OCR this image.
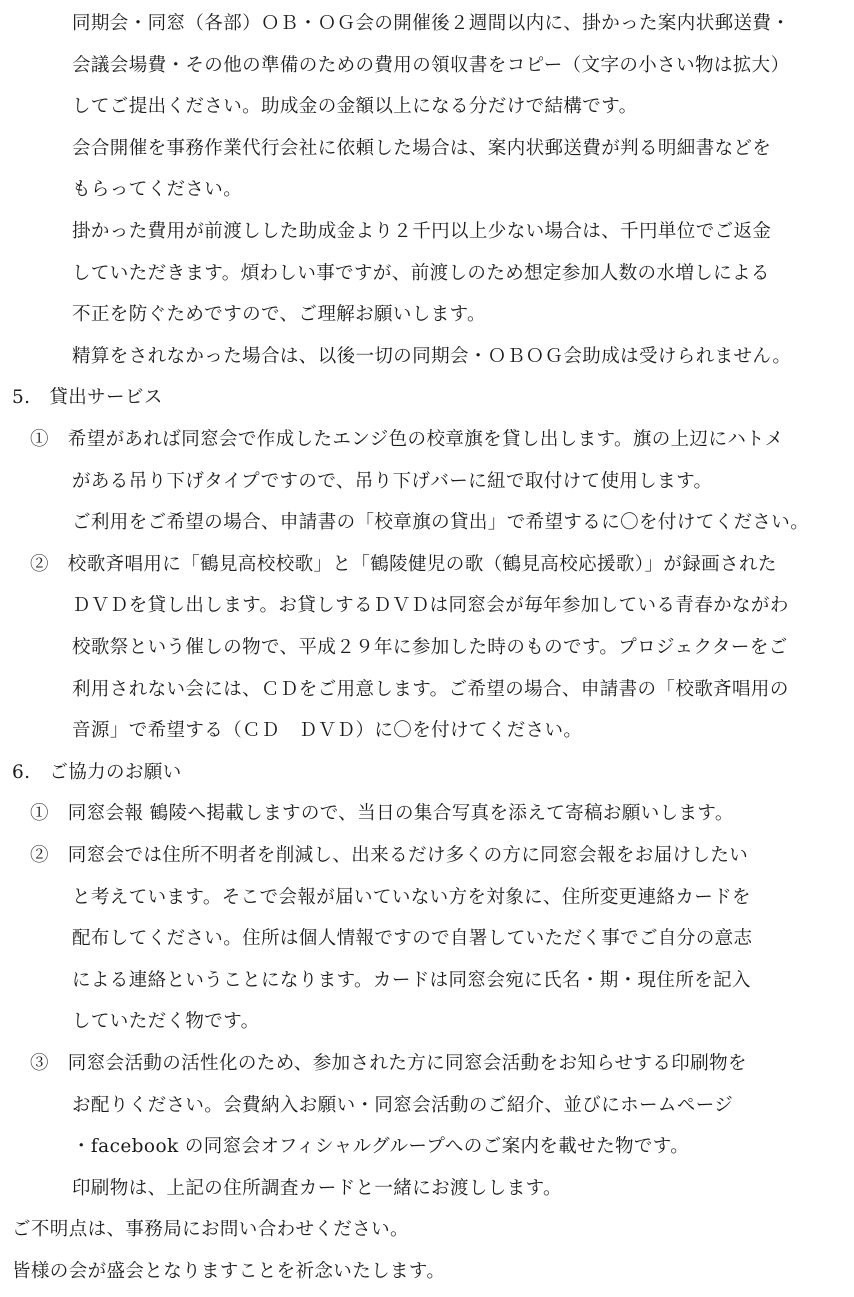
同期会・同窓（各部）ＯＢ・ＯＧ会の開催後２週間以内に、掛かった案内状郵送費・
会議会場費・その他の準備のための費用の領収書をコピー（文字の小さい物は拡大）
してご提出ください。助成金の金額以上になる分だけで結構です。
会合開催を事務作業代行会社に依頼した場合は、案内状郵送費が判る明細書などを
もらってください。
掛かった費用が前渡しした助成金より２千円以上少ない場合は、千円単位でご返金
していただきます。煩わしい事ですが、前渡しのため想定参加人数の水増しによる
不正を防ぐためですので、ご理解お願いします。
精算をされなかった場合は、以後一切の同期会・ＯＢＯＧ会助成は受けられません。
5.　貸出サービス
①　希望があれば同窓会で作成したエンジ色の校章旗を貸し出します。旗の上辺にハトメ
がある吊り下げタイプですので、吊り下げバーに紐で取付けて使用します。
ご利用をご希望の場合、申請書の「校章旗の貸出」で希望するに〇を付けてください。
②　校歌斉唱用に「鶴見高校校歌」と「鶴陵健児の歌（鶴見高校応援歌）」が録画された
ＤＶＤを貸し出します。お貸しするＤＶＤは同窓会が毎年参加している青春かながわ
校歌祭という催しの物で、平成２９年に参加した時のものです。プロジェクターをご
利用されない会には、ＣＤをご用意します。ご希望の場合、申請書の「校歌斉唱用の
音源」で希望する（ＣＤ　ＤＶＤ）に〇を付けてください。
6.　ご協力のお願い
①　同窓会報 鶴陵へ掲載しますので、当日の集合写真を添えて寄稿お願いします。
②　同窓会では住所不明者を削減し、出来るだけ多くの方に同窓会報をお届けしたい
と考えています。そこで会報が届いていない方を対象に、住所変更連絡カードを
配布してください。住所は個人情報ですので自署していただく事でご自分の意志
による連絡ということになります。カードは同窓会宛に氏名・期・現住所を記入
していただく物です。
③　同窓会活動の活性化のため、参加された方に同窓会活動をお知らせする印刷物を
お配りください。会費納入お願い・同窓会活動のご紹介、並びにホームページ
・facebook の同窓会オフィシャルグループへのご案内を載せた物です。
印刷物は、上記の住所調査カードと一緒にお渡しします。
ご不明点は、事務局にお問い合わせください。
皆様の会が盛会となりますことを祈念いたします。
